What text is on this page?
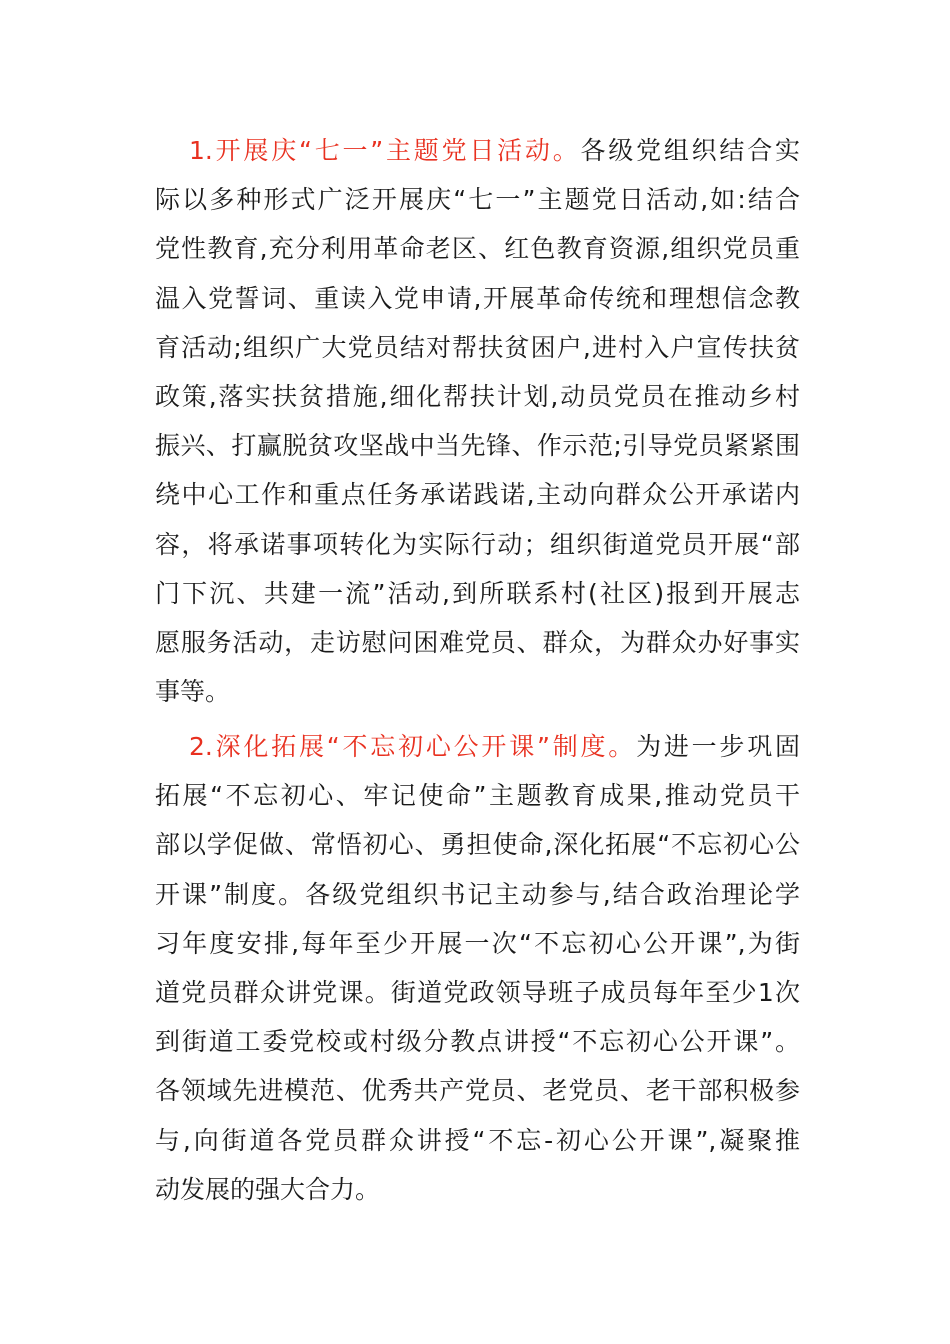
1.开展庆“七一”主题党日活动。各级党组织结合实
际以多种形式广泛开展庆“七一”主题党日活动,如:结合
党性教育,充分利用革命老区、红色教育资源,组织党员重
温入党誓词、重读入党申请,开展革命传统和理想信念教
育活动;组织广大党员结对帮扶贫困户,进村入户宣传扶贫
政策,落实扶贫措施,细化帮扶计划,动员党员在推动乡村
振兴、打赢脱贫攻坚战中当先锋、作示范;引导党员紧紧围
绕中心工作和重点任务承诺践诺,主动向群众公开承诺内
容，将承诺事项转化为实际行动；组织街道党员开展“部
门下沉、共建一流”活动,到所联系村(社区)报到开展志
愿服务活动，走访慰问困难党员、群众，为群众办好事实
事等。
2.深化拓展“不忘初心公开课”制度。为进一步巩固
拓展“不忘初心、牢记使命”主题教育成果,推动党员干
部以学促做、常悟初心、勇担使命,深化拓展“不忘初心公
开课”制度。各级党组织书记主动参与,结合政治理论学
习年度安排,每年至少开展一次“不忘初心公开课”,为街
道党员群众讲党课。街道党政领导班子成员每年至少1次
到街道工委党校或村级分教点讲授“不忘初心公开课”。
各领域先进模范、优秀共产党员、老党员、老干部积极参
与,向街道各党员群众讲授“不忘-初心公开课”,凝聚推
动发展的强大合力。
